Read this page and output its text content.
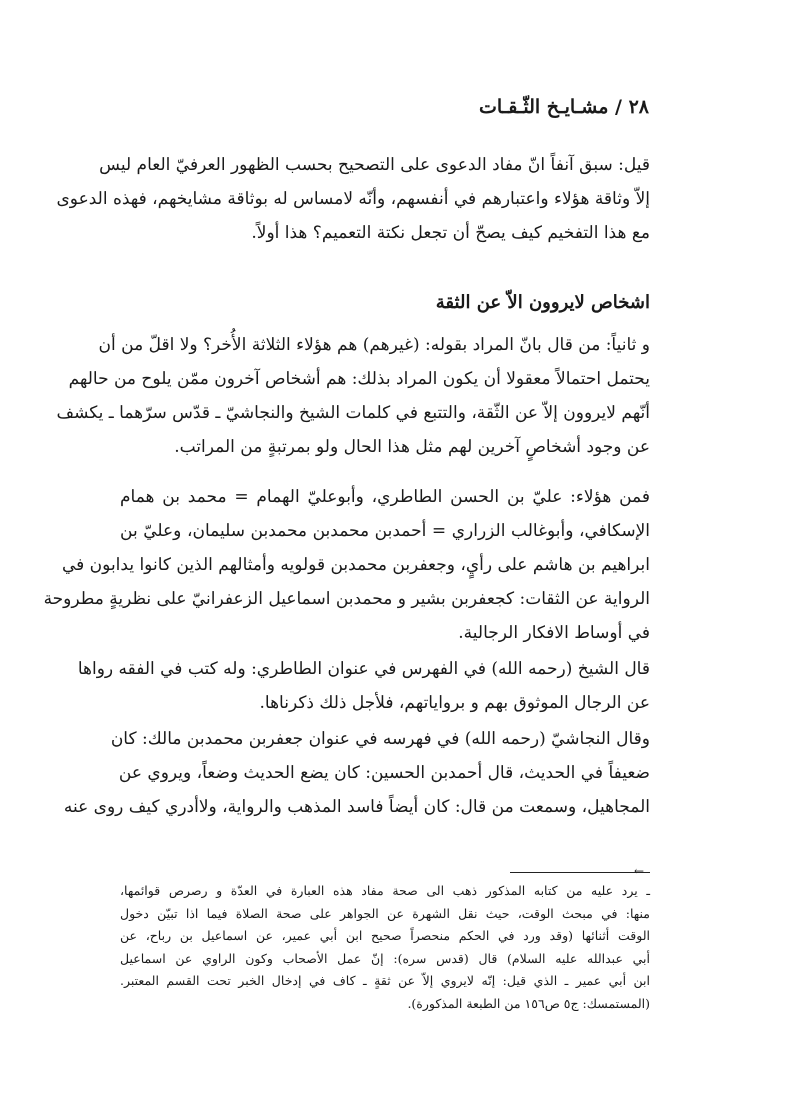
٢٨ / مشـايـخ الثّـقـات
قيل: سبق آنفاً انّ مفاد الدعوى على التصحيح بحسب الظهور العرفيّ العام ليس
إلاّ وثاقة هؤلاء واعتبارهم في أنفسهم، وأنّه لامساس له بوثاقة مشايخهم، فهذه الدعوى
مع هذا التفخيم كيف يصحّ أن تجعل نكتة التعميم؟ هذا أولاً.
اشخاص لايروون الاّ عن الثقة
و ثانياً: من قال بانّ المراد بقوله: (غيرهم) هم هؤلاء الثلاثة الأُخر؟ ولا اقلّ من أن
يحتمل احتمالاً معقولا أن يكون المراد بذلك: هم أشخاص آخرون ممّن يلوح من حالهم
أنّهم لايروون إلاّ عن الثّقة، والتتبع في كلمات الشيخ والنجاشيّ ـ قدّس سرّهما ـ يكشف
عن وجود أشخاصٍ آخرين لهم مثل هذا الحال ولو بمرتبةٍ من المراتب.
فمن هؤلاء: عليّ بن الحسن الطاطري، وأبوعليّ الهمام = محمد بن همام
الإسكافي، وأبوغالب الزراري = أحمدبن محمدبن محمدبن سليمان، وعليّ بن
ابراهيم بن هاشم على رأيٍ، وجعفربن محمدبن قولويه وأمثالهم الذين كانوا يدابون في
الرواية عن الثقات: كجعفربن بشير و محمدبن اسماعيل الزعفرانيّ على نظريةٍ مطروحة
في أوساط الافكار الرجالية.
قال الشيخ (رحمه الله) في الفهرس في عنوان الطاطري: وله كتب في الفقه رواها
عن الرجال الموثوق بهم و برواياتهم، فلأجل ذلك ذكرناها.
وقال النجاشيّ (رحمه الله) في فهرسه في عنوان جعفربن محمدبن مالك: كان
ضعيفاً في الحديث، قال أحمدبن الحسين: كان يضع الحديث وضعاً، ويروي عن
المجاهيل، وسمعت من قال: كان أيضاً فاسد المذهب والرواية، ولاأدري كيف روى عنه
←
ـ يرد عليه من كتابه المذكور ذهب الى صحة مفاد هذه العبارة في العدّة و رصرص قوائمها،
منها: في مبحث الوقت، حيث نقل الشهرة عن الجواهر على صحة الصلاة فيما اذا تبيّن دخول
الوقت أثنائها (وقد ورد في الحكم منحصراً صحيح ابن أبي عمير، عن اسماعيل بن رباح، عن
أبي عبدالله عليه السلام) قال (قدس سره): إنّ عمل الأصحاب وكون الراوي عن اسماعيل
ابن أبي عمير ـ الذي قيل: إنّه لايروي إلاّ عن ثقةٍ ـ كاف في إدخال الخبر تحت القسم المعتبر.
(المستمسك: ج٥ ص١٥٦ من الطبعة المذكورة).
